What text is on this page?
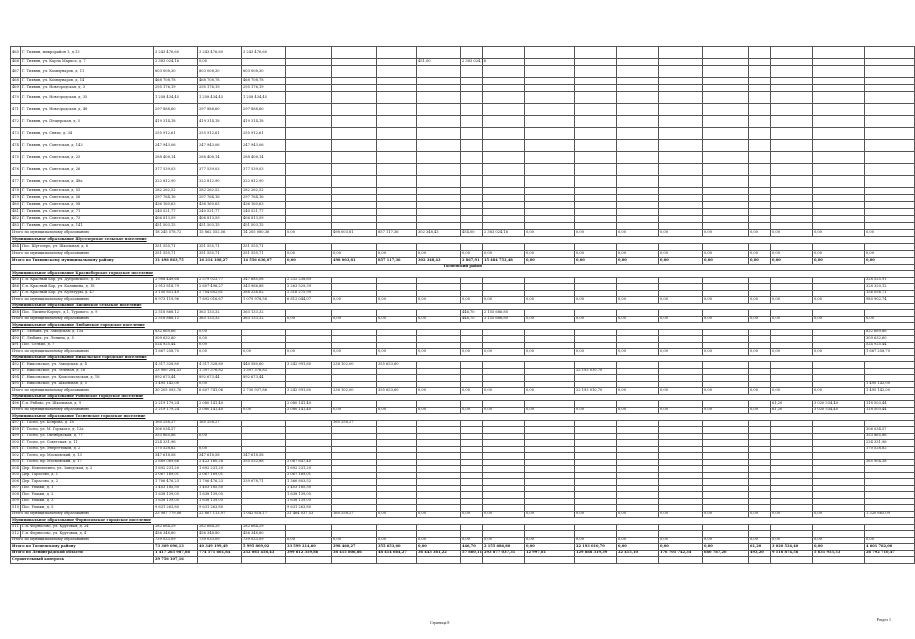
465	Г. Тихвин, микрорайон 1, д.13	3 243 476,60	3 243 476,60	3 243 476,60															
466	Г. Тихвин, ул. Карла Маркса, д. 7	2 383 024,16	0,00					451,00	2 383 024,16										
467	Г. Тихвин, ул. Коммунаров, д. 11	803 008,30	803 008,30	803 008,30															
468	Г. Тихвин, ул. Коммунаров, д. 14	468 708,78	468 708,78	468 708,78															
469	Г. Тихвин, ул. Новгородская, д. 3	295 176,19	295 176,19	295 176,19															
470	Г. Тихвин, ул. Новгородская, д. 35	1 258 434,45	1 258 434,45	1 258 434,45															
471	Г. Тихвин, ул. Новгородская, д. 48	297 888,60	297 888,60	297 888,60															
472	Г. Тихвин, ул. Пещерская, д. 5	419 314,18	419 314,18	419 314,18															
473	Г. Тихвин, ул. Связи, д. 34	255 912,61	255 912,61	255 912,61															
474	Г. Тихвин, ул. Советская, д. 143	247 943,06	247 943,06	247 943,06															
475	Г. Тихвин, ул. Советская, д. 25	288 408,14	288 408,14	288 408,14															
476	Г. Тихвин, ул. Советская, д. 26	377 539,03	377 539,03	377 539,03															
477	Г. Тихвин, ул. Советская, д. 48а	322 812,90	322 812,90	322 812,90															
478	Г. Тихвин, ул. Советская, д. 55	282 262,52	282 262,52	282 262,52															
479	Г. Тихвин, ул. Советская, д. 56	297 764,16	297 764,16	297 764,16															
480	Г. Тихвин, ул. Советская, д. 58	436 160,63	436 160,63	436 160,63															
481	Г. Тихвин, ул. Советская, д. 71	240 521,77	240 521,77	240 521,77															
482	Г. Тихвин, ул. Советская, д. 73	406 813,59	406 813,59	406 813,59															
483	Г. Тихвин, ул. Советская, д. 141	451 503,15	451 503,15	451 503,15															
Итого по муниципальному образованию		18 245 578,72	15 862 552,56	14 205 080,36	0,00	498 003,81	857 117,36	302 348,43	454,00	2 383 024,16	0,00	0,00	0,00	0,00	0,00	0,00	0,00	0,00	0,00
Муниципальное образование Шугозерское сельское поселение																			
484	Пос. Шугозеро, ул. Школьная, д. 6	351 555,71	351 555,71	351 555,71															
Итого по муниципальному образованию		351 555,71	351 555,71	351 555,71	0,00	0,00	0,00	0,00	0,00	0,00	0,00	0,00	0,00	0,00	0,00	0,00	0,00	0,00	0,00
Итого по Тихвинскому муниципальному району		31 498 863,75	16 214 108,27	14 556 636,07	0,00	498 003,81	857 117,36	302 348,43	2 867,91	15 484 753,48	0,00	0,00	0,00	0,00	0,00	0,00	0,00	0,00	0,00
Тосненский район																			
Муниципальное образование Красноборское городское поселение																			
485	Г.п. Красный Бор, ул. Дубровского, д. 16	2 908 449,68	2 579 923,77	347 685,08	2 232 238,69														328 525,91
486	Г.п. Красный Бор, ул. Калинина, д. 18	2 913 818,79	2 607 496,27	343 966,88	2 263 529,39														328 320,12
487	Г.п. Красный Бор, ул. Культуры, д. 47	3 150 851,49	2 704 602,61	388 326,62	2 316 275,99														156 056,71
Итого по муниципальному образованию		8 973 119,96	7 892 016,67	1 079 978,58	6 812 044,07	0,00	0,00	0,00	0,00	0,00	0,00	0,00	0,00	0,00	0,00	0,00	0,00	0,00	980 902,74
Муниципальное образование Лисинское сельское поселение																			
488	Пос. Лисино-Корпус, д.1, Турового, д. 9	2 518 868,12	363 133,32	363 133,32					446,70	2 155 686,80									
Итого по муниципальному образованию		2 518 868,12	363 133,32	363 133,32	0,00	0,00	0,00	0,00	446,70	2 155 686,80	0,00	0,00	0,00	0,00	0,00	0,00	0,00	0,00	0,00
Муниципальное образование Любанское городское поселение																			
489	Г. Любань, ул. Заводская, д. 15а	832 669,66	0,00																832 669,66
490	Г. Любань, ул. Ленина, д. 5	309 632,60	0,00																309 632,60
491	Пос. Сельцо, д. 7	524 925,44	0,00																524 925,44
Итого по муниципальному образованию		1 667 258,70	0,00	0,00	0,00	0,00	0,00	0,00	0,00	0,00	0,00	0,00	0,00	0,00	0,00	0,00	0,00	0,00	1 667 258,70
Муниципальное образование Никольское городское поселение																			
492	Г. Никольское, ул. Заводская, д. 4	4 317 328,80	4 317 328,80	440 580,60	3 242 991,60	238 102,00	355 653,60												
493	Г. Никольское, ул. Зелёная, д. 16	23 900 204,52	1 397 376,82	1 397 376,82								22 193 010,70							
494	Г. Никольское, ул. Комсомольская, д. 18	892 673,44	892 673,44	892 673,44															
495	Г. Никольское, ул. Школьная, д. 5	1 495 142,00	0,00																1 495 142,00
Итого по муниципальному образованию		30 205 093,76	6 607 741,06	2 730 937,86	3 242 991,60	238 102,00	355 653,60	0,00	0,00	0,00	0,00	22 193 010,70	0,00	0,00	0,00	0,00	0,00	0,00	1 495 142,00
Муниципальное образование Рябовское городское поселение																			
496	Г.п. Рябово, ул. Школьная, д. 9	2 219 179,24	2 080 141,40		2 080 141,40												61,20	3 020 534,40	118 503,44
Итого по муниципальному образованию		2 219 179,24	2 080 141,40	0,00	2 080 141,40	0,00	0,00	0,00	0,00	0,00	0,00	0,00	0,00	0,00	0,00	0,00	61,20	3 020 534,40	118 503,44
Муниципальное образование Тосненское городское поселение																			
497	Г. Тосно, ул. Боярова, д. 18	160 258,27	160 258,27			160 258,27													
498	Г. Тосно, ул. М. Горького, д. 12а	306 034,57																	306 034,57
499	Г. Тосно, ул. Октябрьская, д. 77	353 865,86	0,00																353 865,86
500	Г. Тосно, ул. Советская, д. 11	224 331,96																	224 331,96
501	Г. Тосно, ул. Энергетиков, д. 2	170 528,82	0,00																170 528,82
502	Г. Тосно, пр. Московский, д. 13	347 618,58	347 618,58	347 618,58															
503	Г. Тосно, пр. Московский, д. 17	2 689 069,66	2 423 160,28	355 532,88	2 067 647,40														265 904,38
504	Дер. Новолисино, ул. Заводская, д. 2	1 692 231,20	1 692 231,20		1 692 231,20														
505	Дер. Тарасово, д. 1	2 067 169,01	2 067 169,01		2 067 169,01														
506	Дер. Тарасово, д. 2	1 706 476,23	1 706 476,23	339 678,71	1 366 803,52														
507	Пос. Ушаки, д. 1	1 403 185,50	1 403 185,50		1 403 185,50														
508	Пос. Ушаки, д. 2	1 638 139,05	1 638 139,05		1 638 139,05														
509	Пос. Ушаки, д. 3	1 638 139,05	1 638 139,05		1 638 139,05														
510	Пос. Ушаки, д. 5	9 631 263,80	9 631 263,80		9 631 263,80														
Итого по муниципальному образованию		23 987 779,06	22 667 113,97	1 042 818,17	21 464 037,53	160 258,27	0,00	0,00	0,00	0,00	0,00	0,00	0,00	0,00	0,00	0,00	0,00	0,00	1 320 665,09
Муниципальное образование Форносовское городское поселение																			
511	Г.п. Форносово, ул. Круговая, д. 24	282 684,29	282 684,29	282 684,29															
512	Г.п. Форносово, ул. Круговая, д. 4	456 348,80	456 348,80	456 348,80															
Итого по муниципальному образованию		739 033,09	739 033,09	739 033,09	0,00	0,00	0,00	0,00	0,00	0,00	0,00	0,00	0,00	0,00	0,00	0,00	0,00	0,00	0,00
Итого по Тосненскому району		73 309 096,13	40 349 199,49	5 995 809,02	33 599 214,60	398 460,27	355 653,60	0,00	446,70	2 155 686,80	0,00	22 193 010,70	0,00	0,00	0,00	61,20	3 020 534,40	0,00	4 601 762,00
Итого по Ленинградской области		1 417 265 987,88	774 571 661,84	252 085 458,43	399 812 359,86	38 415 806,86	48 414 664,27	36 443 381,22	57 860,11	293 877 037,31	12 997,81	129 888 319,39	22 415,10	176 705 742,34	680 787,20	493,20	9 116 874,58	5 631 955,53	26 792 710,47
Строительный контроль		29 756 107,16																	
Страница 8
Раздел 1
